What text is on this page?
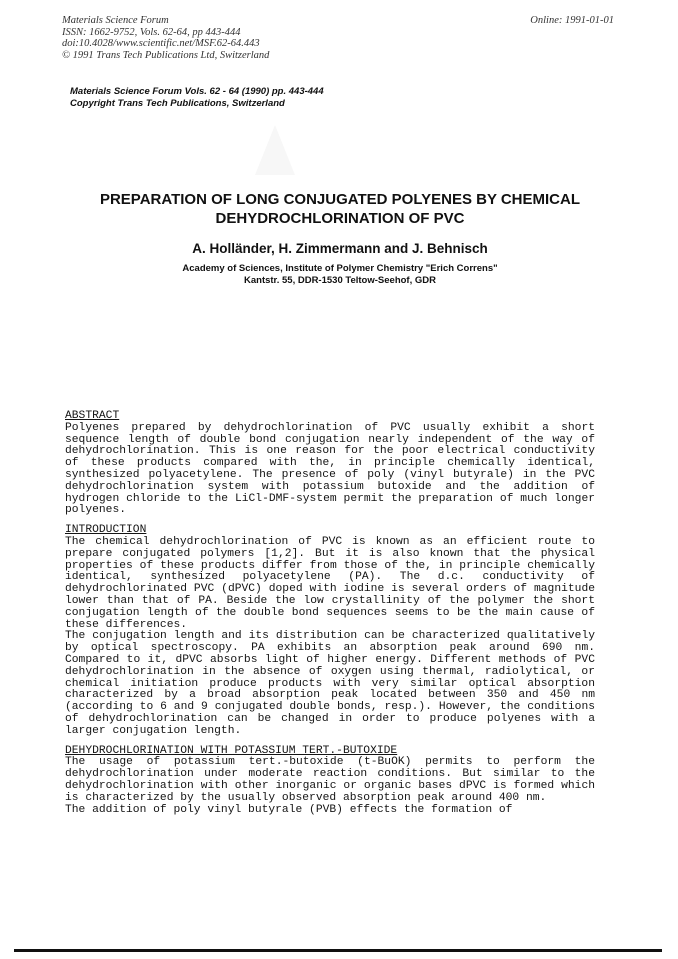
Materials Science Forum
ISSN: 1662-9752, Vols. 62-64, pp 443-444
doi:10.4028/www.scientific.net/MSF.62-64.443
© 1991 Trans Tech Publications Ltd, Switzerland
Online: 1991-01-01
Materials Science Forum Vols. 62 - 64 (1990) pp. 443-444
Copyright Trans Tech Publications, Switzerland
PREPARATION OF LONG CONJUGATED POLYENES BY CHEMICAL
DEHYDROCHLORINATION OF PVC
A. Holländer, H. Zimmermann and J. Behnisch
Academy of Sciences, Institute of Polymer Chemistry "Erich Correns"
Kantstr. 55, DDR-1530 Teltow-Seehof, GDR
ABSTRACT

Polyenes prepared by dehydrochlorination of PVC usually exhibit a short sequence length of double bond conjugation nearly independent of the way of dehydrochlorination. This is one reason for the poor electrical conductivity of these products compared with the, in principle chemically identical, synthesized polyacetylene. The presence of poly (vinyl butyrale) in the PVC dehydrochlorination system with potassium butoxide and the addition of hydrogen chloride to the LiCl-DMF-system permit the preparation of much longer polyenes.

INTRODUCTION

The chemical dehydrochlorination of PVC is known as an efficient route to prepare conjugated polymers [1,2]. But it is also known that the physical properties of these products differ from those of the, in principle chemically identical, synthesized polyacetylene (PA). The d.c. conductivity of dehydrochlorinated PVC (dPVC) doped with iodine is several orders of magnitude lower than that of PA. Beside the low crystallinity of the polymer the short conjugation length of the double bond sequences seems to be the main cause of these differences.

The conjugation length and its distribution can be characterized qualitatively by optical spectroscopy. PA exhibits an absorption peak around 690 nm. Compared to it, dPVC absorbs light of higher energy. Different methods of PVC dehydrochlorination in the absence of oxygen using thermal, radiolytical, or chemical initiation produce products with very similar optical absorption characterized by a broad absorption peak located between 350 and 450 nm (according to 6 and 9 conjugated double bonds, resp.). However, the conditions of dehydrochlorination can be changed in order to produce polyenes with a larger conjugation length.

DEHYDROCHLORINATION WITH POTASSIUM TERT.-BUTOXIDE

The usage of potassium tert.-butoxide (t-BuOK) permits to perform the dehydrochlorination under moderate reaction conditions. But similar to the dehydrochlorination with other inorganic or organic bases dPVC is formed which is characterized by the usually observed absorption peak around 400 nm.

The addition of poly vinyl butyrale (PVB) effects the formation of
